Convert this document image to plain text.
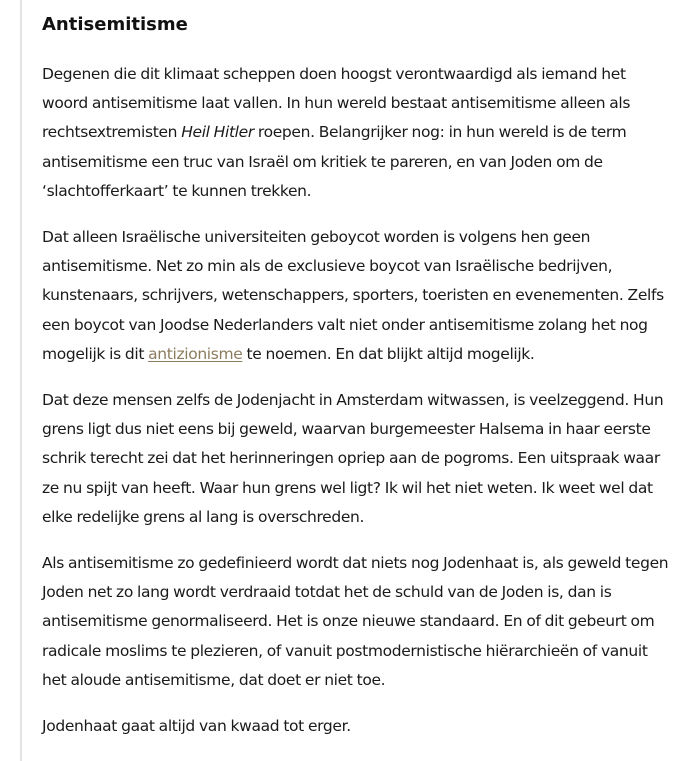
Antisemitisme

Degenen die dit klimaat scheppen doen hoogst verontwaardigd als iemand het woord antisemitisme laat vallen. In hun wereld bestaat antisemitisme alleen als rechtsextremisten Heil Hitler roepen. Belangrijker nog: in hun wereld is de term antisemitisme een truc van Israël om kritiek te pareren, en van Joden om de ‘slachtofferkaart’ te kunnen trekken.

Dat alleen Israëlische universiteiten geboycot worden is volgens hen geen antisemitisme. Net zo min als de exclusieve boycot van Israëlische bedrijven, kunstenaars, schrijvers, wetenschappers, sporters, toeristen en evenementen. Zelfs een boycot van Joodse Nederlanders valt niet onder antisemitisme zolang het nog mogelijk is dit antizionisme te noemen. En dat blijkt altijd mogelijk.

Dat deze mensen zelfs de Jodenjacht in Amsterdam witwassen, is veelzeggend. Hun grens ligt dus niet eens bij geweld, waarvan burgemeester Halsema in haar eerste schrik terecht zei dat het herinneringen opriep aan de pogroms. Een uitspraak waar ze nu spijt van heeft. Waar hun grens wel ligt? Ik wil het niet weten. Ik weet wel dat elke redelijke grens al lang is overschreden.

Als antisemitisme zo gedefinieerd wordt dat niets nog Jodenhaat is, als geweld tegen Joden net zo lang wordt verdraaid totdat het de schuld van de Joden is, dan is antisemitisme genormaliseerd. Het is onze nieuwe standaard. En of dit gebeurt om radicale moslims te plezieren, of vanuit postmodernistische hiërarchieën of vanuit het aloude antisemitisme, dat doet er niet toe.

Jodenhaat gaat altijd van kwaad tot erger.
